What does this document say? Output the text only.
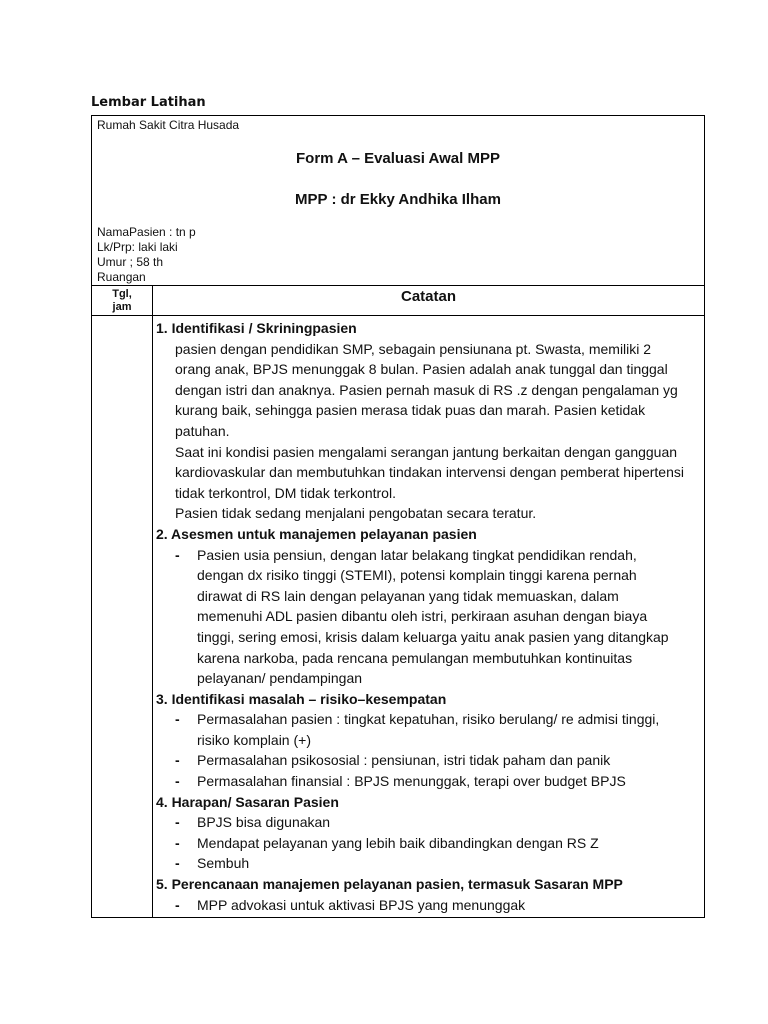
Lembar Latihan
Rumah Sakit Citra Husada
Form A – Evaluasi Awal MPP
MPP : dr Ekky Andhika Ilham
NamaPasien : tn p
Lk/Prp: laki laki
Umur ; 58 th
Ruangan
Tgl,
jam
Catatan
1. Identifikasi / Skriningpasien
pasien dengan pendidikan SMP, sebagain pensiunana pt. Swasta, memiliki 2
orang anak, BPJS menunggak 8 bulan. Pasien adalah anak tunggal dan tinggal
dengan istri dan anaknya. Pasien pernah masuk di RS .z dengan pengalaman yg
kurang baik, sehingga pasien merasa tidak puas dan marah. Pasien ketidak
patuhan.
Saat ini kondisi pasien mengalami serangan jantung berkaitan dengan gangguan
kardiovaskular dan membutuhkan tindakan intervensi dengan pemberat hipertensi
tidak terkontrol, DM tidak terkontrol.
Pasien tidak sedang menjalani pengobatan secara teratur.
2. Asesmen untuk manajemen pelayanan pasien
- Pasien usia pensiun, dengan latar belakang tingkat pendidikan rendah,
dengan dx risiko tinggi (STEMI), potensi komplain tinggi karena pernah
dirawat di RS lain dengan pelayanan yang tidak memuaskan, dalam
memenuhi ADL pasien dibantu oleh istri, perkiraan asuhan dengan biaya
tinggi, sering emosi, krisis dalam keluarga yaitu anak pasien yang ditangkap
karena narkoba, pada rencana pemulangan membutuhkan kontinuitas
pelayanan/ pendampingan
3. Identifikasi masalah – risiko–kesempatan
- Permasalahan pasien : tingkat kepatuhan, risiko berulang/ re admisi tinggi,
risiko komplain (+)
- Permasalahan psikososial : pensiunan, istri tidak paham dan panik
- Permasalahan finansial : BPJS menunggak, terapi over budget BPJS
4. Harapan/ Sasaran Pasien
- BPJS bisa digunakan
- Mendapat pelayanan yang lebih baik dibandingkan dengan RS Z
- Sembuh
5. Perencanaan manajemen pelayanan pasien, termasuk Sasaran MPP
- MPP advokasi untuk aktivasi BPJS yang menunggak
